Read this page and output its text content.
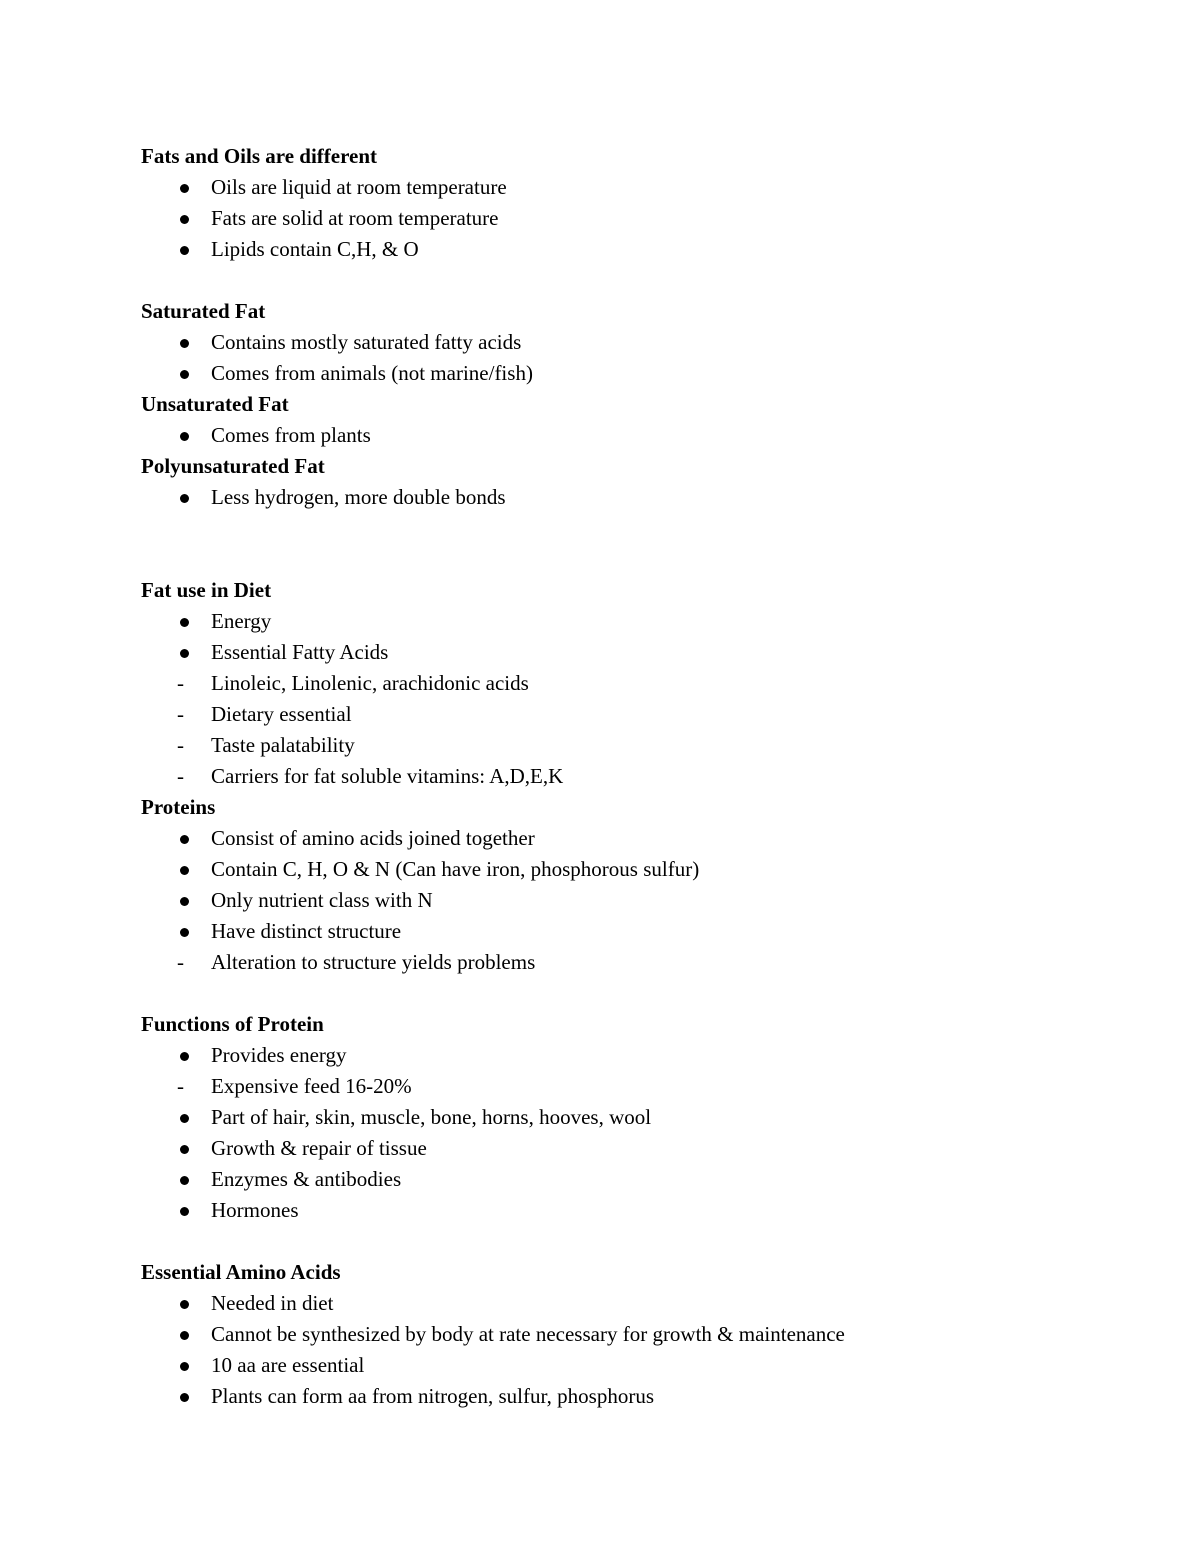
Fats and Oils are different
Oils are liquid at room temperature
Fats are solid at room temperature
Lipids contain C,H, & O
Saturated Fat
Contains mostly saturated fatty acids
Comes from animals (not marine/fish)
Unsaturated Fat
Comes from plants
Polyunsaturated Fat
Less hydrogen, more double bonds
Fat use in Diet
Energy
Essential Fatty Acids
- Linoleic, Linolenic, arachidonic acids
- Dietary essential
- Taste palatability
- Carriers for fat soluble vitamins: A,D,E,K
Proteins
Consist of amino acids joined together
Contain C, H, O & N (Can have iron, phosphorous sulfur)
Only nutrient class with N
Have distinct structure
- Alteration to structure yields problems
Functions of Protein
Provides energy
- Expensive feed 16-20%
Part of hair, skin, muscle, bone, horns, hooves, wool
Growth & repair of tissue
Enzymes & antibodies
Hormones
Essential Amino Acids
Needed in diet
Cannot be synthesized by body at rate necessary for growth & maintenance
10 aa are essential
Plants can form aa from nitrogen, sulfur, phosphorus
